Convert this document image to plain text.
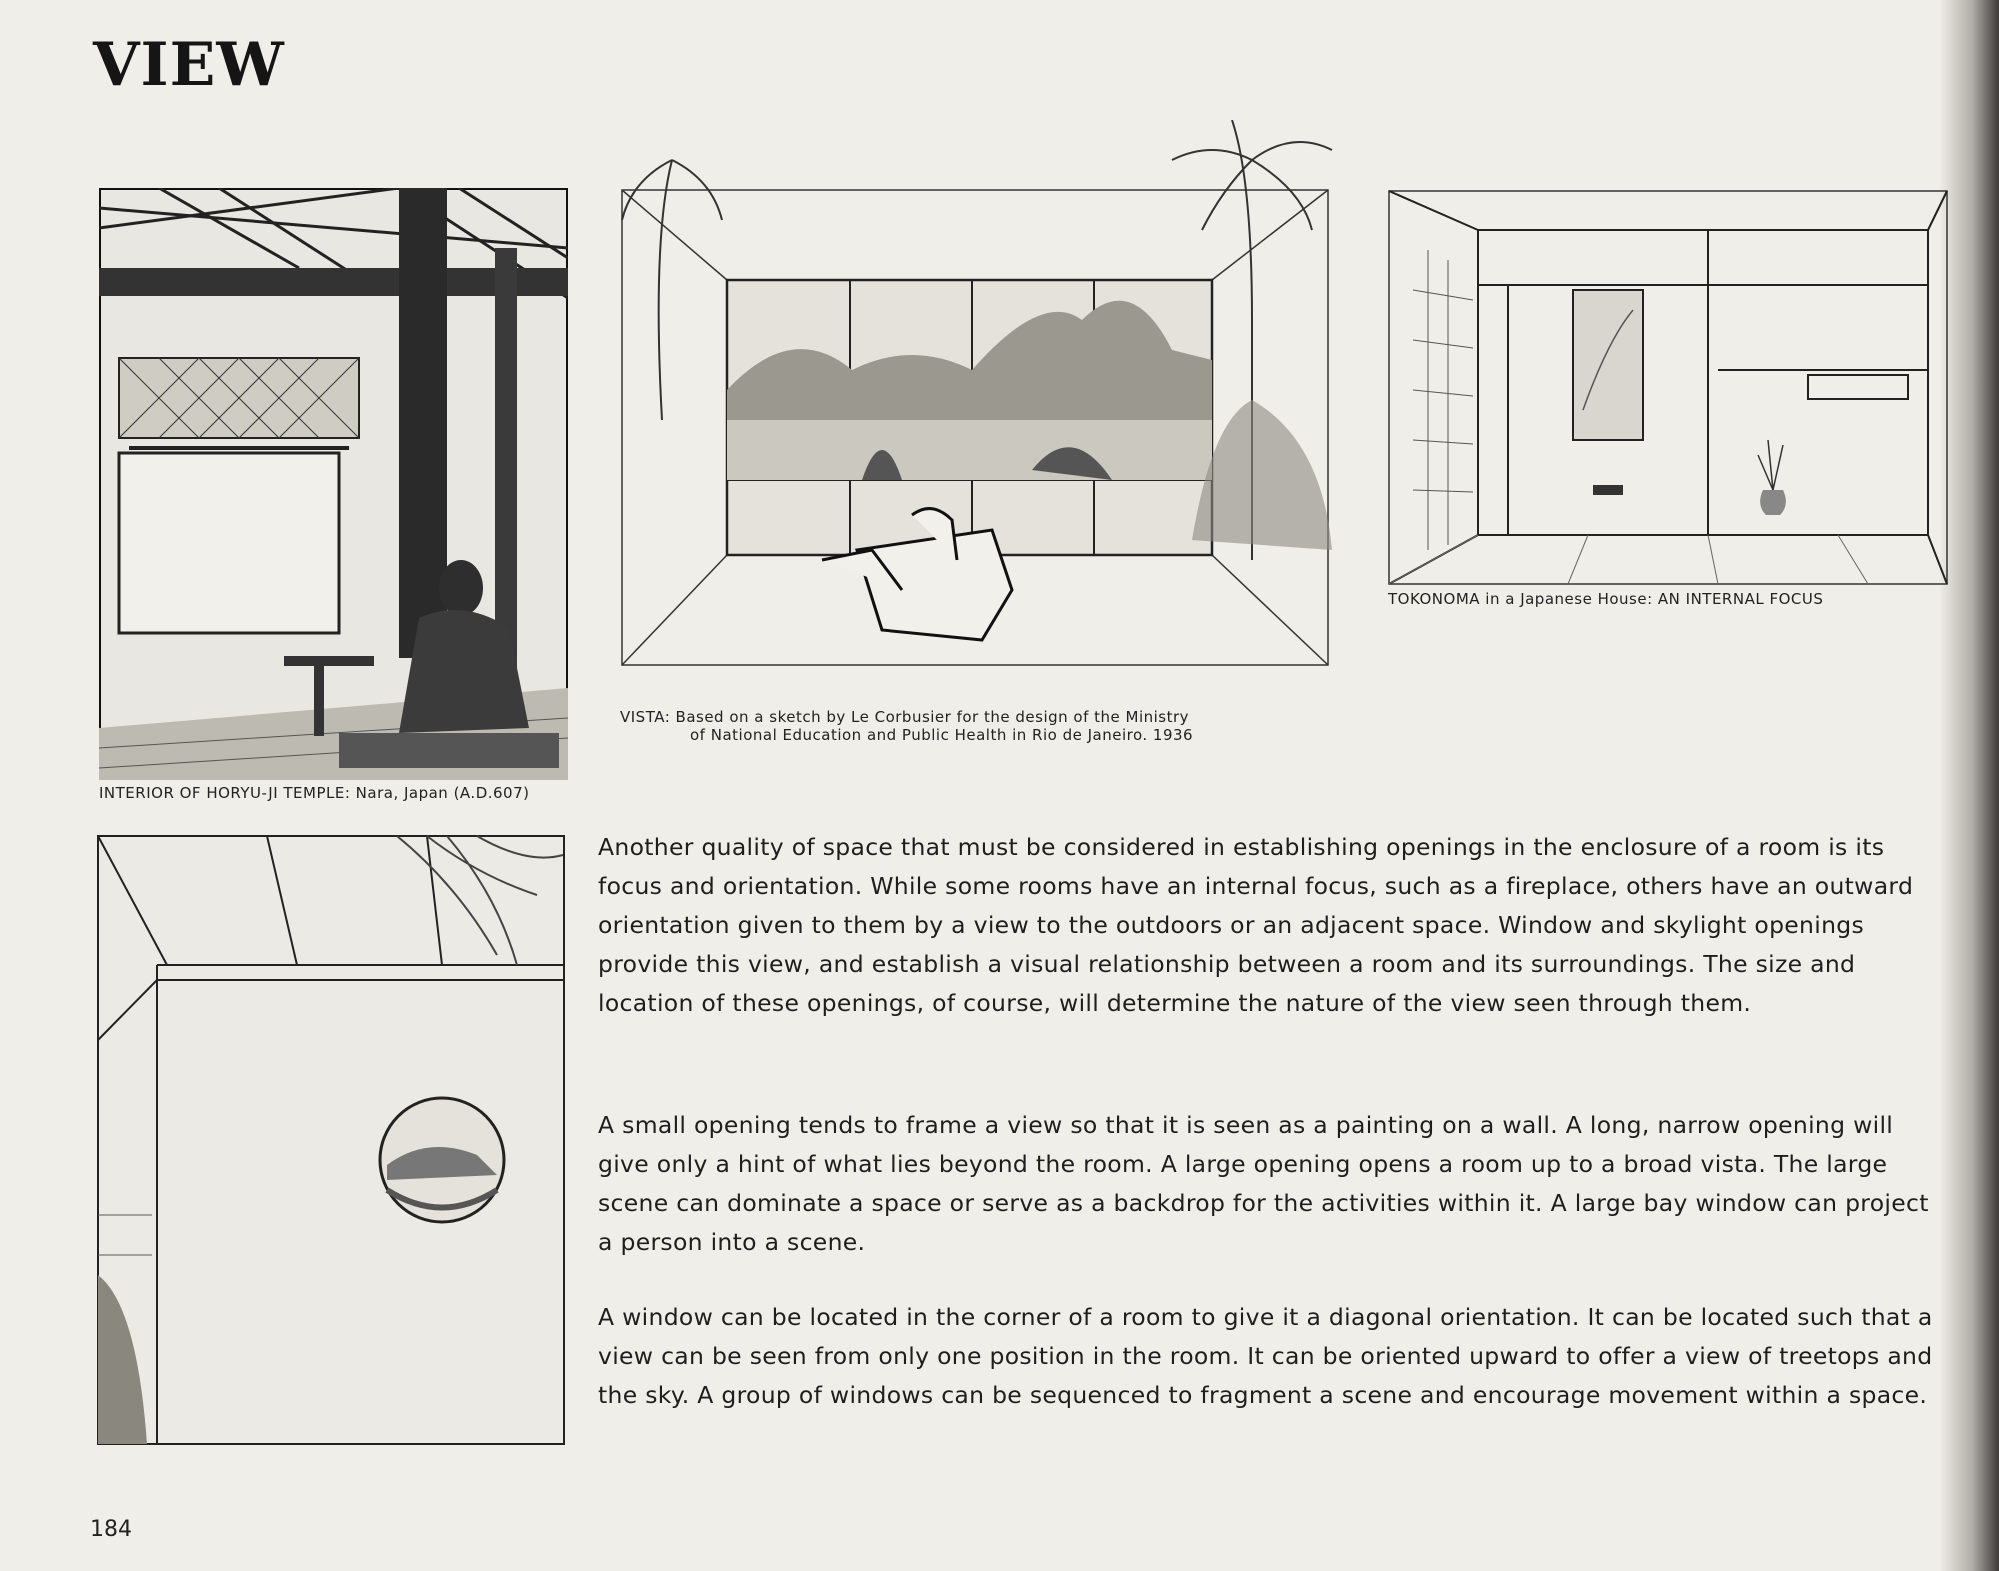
VIEW

INTERIOR OF HORYU-JI TEMPLE: Nara, Japan (A.D.607)

VISTA: Based on a sketch by Le Corbusier for the design of the Ministry

of National Education and Public Health in Rio de Janeiro. 1936

TOKONOMA in a Japanese House: AN INTERNAL FOCUS

Another quality of space that must be considered in establishing openings in the enclosure of a room is its focus and orientation. While some rooms have an internal focus, such as a fireplace, others have an outward orientation given to them by a view to the outdoors or an adjacent space. Window and skylight openings provide this view, and establish a visual relationship between a room and its surroundings. The size and location of these openings, of course, will determine the nature of the view seen through them.

A small opening tends to frame a view so that it is seen as a painting on a wall. A long, narrow opening will give only a hint of what lies beyond the room. A large opening opens a room up to a broad vista. The large scene can dominate a space or serve as a backdrop for the activities within it. A large bay window can project a person into a scene.

A window can be located in the corner of a room to give it a diagonal orientation. It can be located such that a view can be seen from only one position in the room. It can be oriented upward to offer a view of treetops and the sky. A group of windows can be sequenced to fragment a scene and encourage movement within a space.

184
